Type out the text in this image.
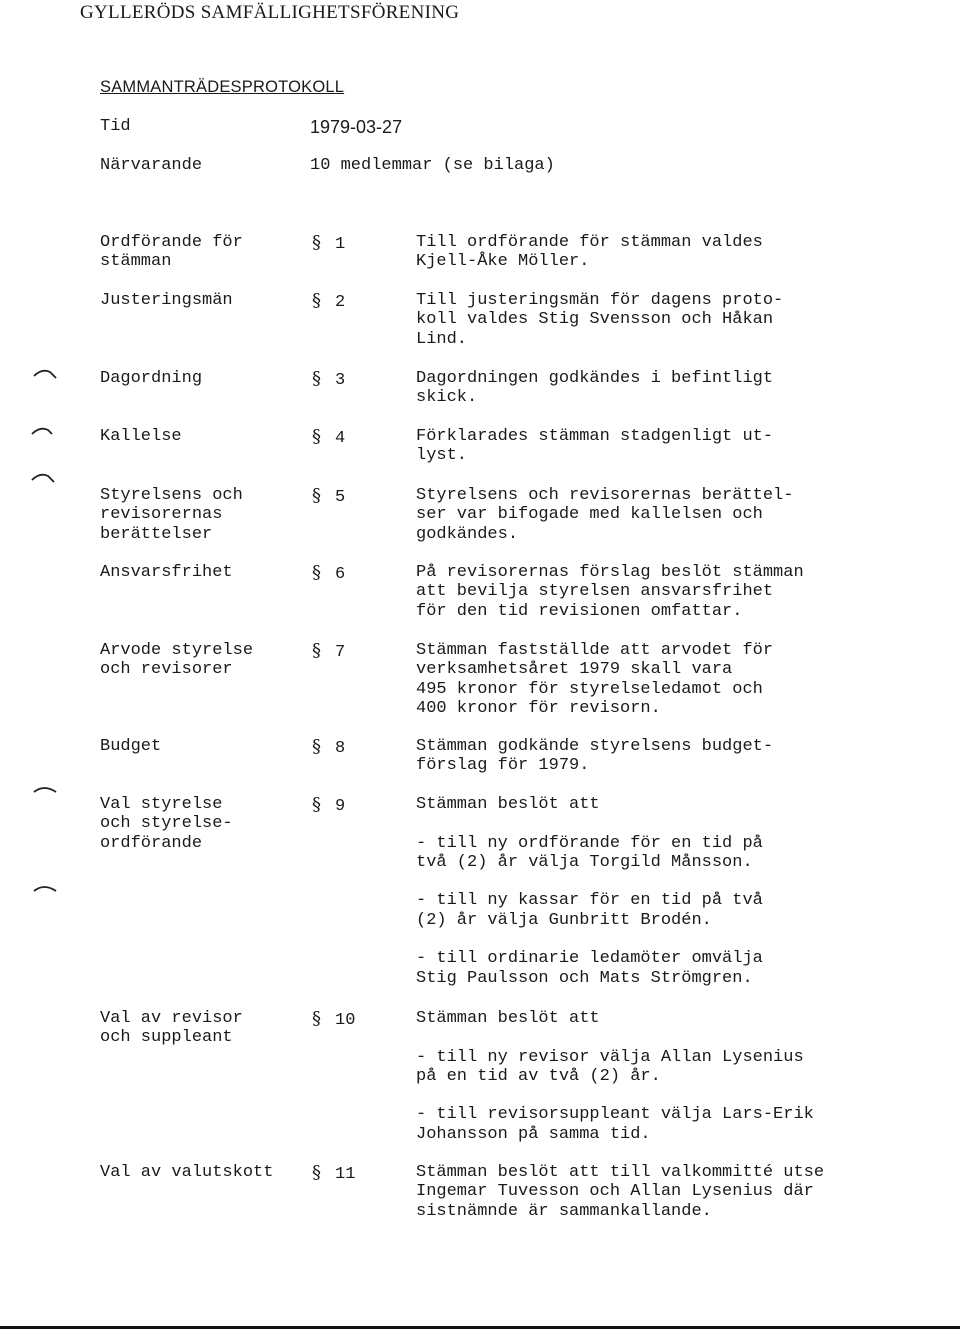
GYLLERÖDS SAMFÄLLIGHETSFÖRENING
SAMMANTRÄDESPROTOKOLL
Tid	1979-03-27
Närvarande	10 medlemmar (se bilaga)
Ordförande för
stämman
§ 1	Till ordförande för stämman valdes
Kjell-Åke Möller.

Justeringsmän	§ 2	Till justeringsmän för dagens proto-
koll valdes Stig Svensson och Håkan
Lind.

Dagordning	§ 3	Dagordningen godkändes i befintligt
skick.

Kallelse	§ 4	Förklarades stämman stadgenligt ut-
lyst.

Styrelsens och
revisorernas
berättelser
§ 5	Styrelsens och revisorernas berättel-
ser var bifogade med kallelsen och
godkändes.

Ansvarsfrihet	§ 6	På revisorernas förslag beslöt stämman
att bevilja styrelsen ansvarsfrihet
för den tid revisionen omfattar.

Arvode styrelse
och revisorer
§ 7	Stämman fastställde att arvodet för
verksamhetsåret 1979 skall vara
495 kronor för styrelseledamot och
400 kronor för revisorn.

Budget	§ 8	Stämman godkände styrelsens budget-
förslag för 1979.

Val styrelse
och styrelse-
ordförande
§ 9	Stämman beslöt att

- till ny ordförande för en tid på
två (2) år välja Torgild Månsson.

- till ny kassar för en tid på två
(2) år välja Gunbritt Brodén.

- till ordinarie ledamöter omvälja
Stig Paulsson och Mats Strömgren.

Val av revisor
och suppleant
§ 10	Stämman beslöt att

- till ny revisor välja Allan Lysenius
på en tid av två (2) år.

- till revisorsuppleant välja Lars-Erik
Johansson på samma tid.

Val av valutskott	§ 11	Stämman beslöt att till valkommitté utse
Ingemar Tuvesson och Allan Lysenius där
sistnämnde är sammankallande.
